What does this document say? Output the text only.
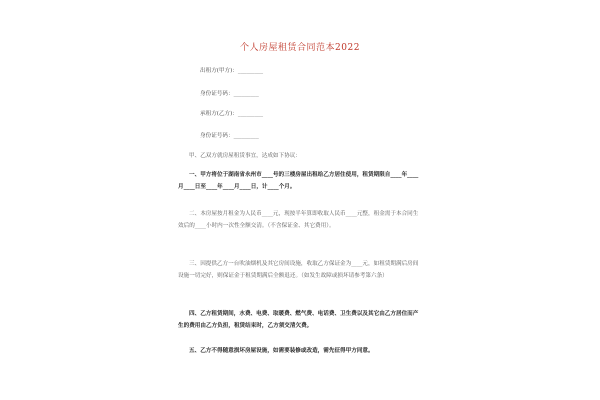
个人房屋租赁合同范本2022
出租方(甲方)：_________
身份证号码：_________
承租方(乙方)：_________
身份证号码：_________
甲、乙双方就房屋租赁事宜，达成如下协议：
一、甲方将位于湖南省永州市____号的三楼房屋出租给乙方居住使用，租赁期限自____年____月____日至____年____月____日，计____个月。
二、本房屋按月租金为人民币____元，现按半年算即收取人民币____元整，租金需于本合同生效后的____小时内一次性全额交清。（不含保证金、其它费用）。
三、因提供乙方一台吹油烟机及其它房间设施，收取乙方保证金为____元，如租赁期满后房间设施一切完好，则保证金于租赁期满后全额退还。（如发生故障或损坏请参考第六条）
四、乙方租赁期间，水费、电费、取暖费、燃气费、电话费、卫生费以及其它由乙方居住而产生的费用由乙方负担，租赁结束时，乙方须交清欠费。
五、乙方不得随意损坏房屋设施，如需要装修或改造，需先征得甲方同意。
